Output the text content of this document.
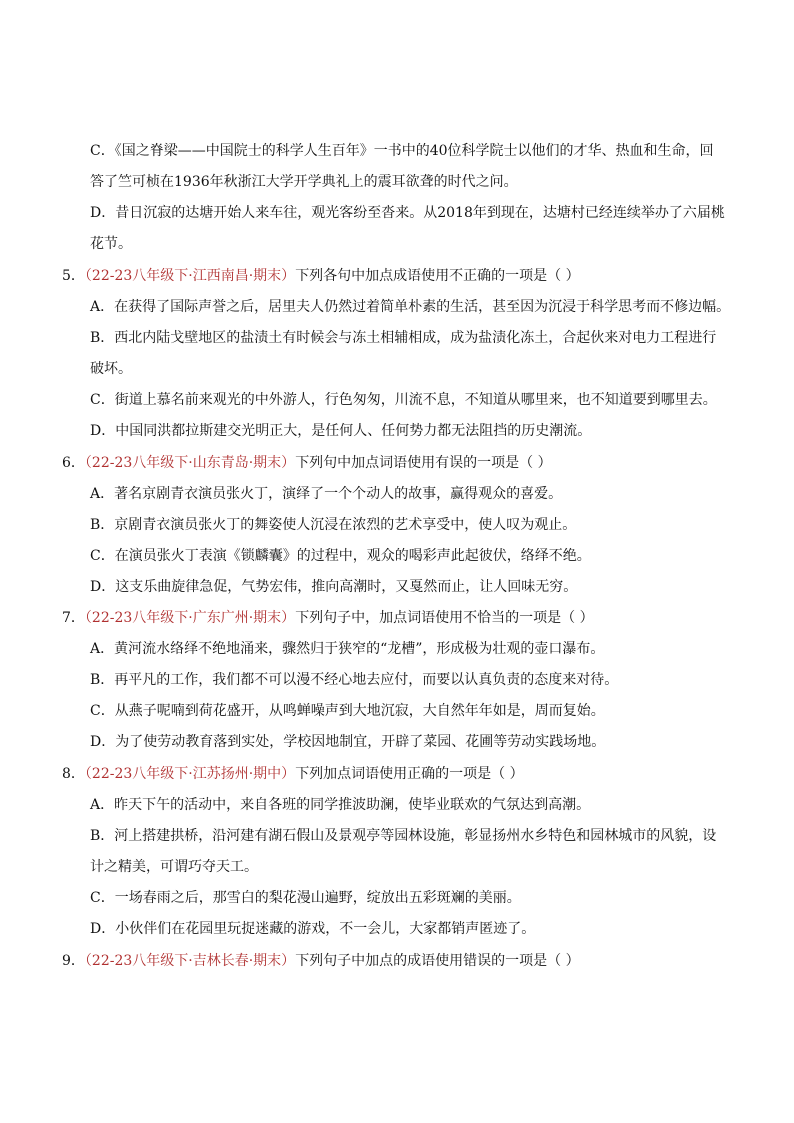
C．《国之脊梁——中国院士的科学人生百年》一书中的40位科学院士以他们的才华、热血和生命，回
答了竺可桢在1936年秋浙江大学开学典礼上的震耳欲聋的时代之问。
D．昔日沉寂的达塘开始人来车往，观光客纷至沓来。从2018年到现在，达塘村已经连续举办了六届桃
花节。
5．（22-23八年级下·江西南昌·期末）下列各句中加点成语使用不正确的一项是（ ）
A．在获得了国际声誉之后，居里夫人仍然过着简单朴素的生活，甚至因为沉浸于科学思考而不修边幅。
B．西北内陆戈壁地区的盐渍土有时候会与冻土相辅相成，成为盐渍化冻土，合起伙来对电力工程进行
破坏。
C．街道上慕名前来观光的中外游人，行色匆匆，川流不息，不知道从哪里来，也不知道要到哪里去。
D．中国同洪都拉斯建交光明正大，是任何人、任何势力都无法阻挡的历史潮流。
6．（22-23八年级下·山东青岛·期末）下列句中加点词语使用有误的一项是（ ）
A．著名京剧青衣演员张火丁，演绎了一个个动人的故事，赢得观众的喜爱。
B．京剧青衣演员张火丁的舞姿使人沉浸在浓烈的艺术享受中，使人叹为观止。
C．在演员张火丁表演《锁麟囊》的过程中，观众的喝彩声此起彼伏，络绎不绝。
D．这支乐曲旋律急促，气势宏伟，推向高潮时，又戛然而止，让人回味无穷。
7．（22-23八年级下·广东广州·期末）下列句子中，加点词语使用不恰当的一项是（ ）
A．黄河流水络绎不绝地涌来，骤然归于狭窄的“龙槽”，形成极为壮观的壶口瀑布。
B．再平凡的工作，我们都不可以漫不经心地去应付，而要以认真负责的态度来对待。
C．从燕子呢喃到荷花盛开，从鸣蝉噪声到大地沉寂，大自然年年如是，周而复始。
D．为了使劳动教育落到实处，学校因地制宜，开辟了菜园、花圃等劳动实践场地。
8．（22-23八年级下·江苏扬州·期中）下列加点词语使用正确的一项是（ ）
A．昨天下午的活动中，来自各班的同学推波助澜，使毕业联欢的气氛达到高潮。
B．河上搭建拱桥，沿河建有湖石假山及景观亭等园林设施，彰显扬州水乡特色和园林城市的风貌，设
计之精美，可谓巧夺天工。
C．一场春雨之后，那雪白的梨花漫山遍野，绽放出五彩斑斓的美丽。
D．小伙伴们在花园里玩捉迷藏的游戏，不一会儿，大家都销声匿迹了。
9．（22-23八年级下·吉林长春·期末）下列句子中加点的成语使用错误的一项是（ ）
